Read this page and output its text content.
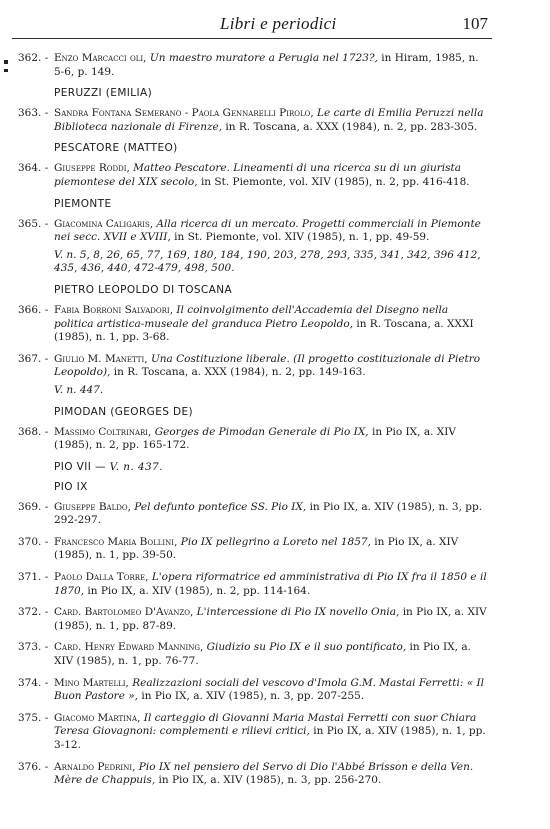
Libri e periodici	107
362. - Enzo Marcacci oli, Un maestro muratore a Perugia nel 1723?, in Hiram, 1985, n. 5-6, p. 149.
PERUZZI (EMILIA)
363. - Sandra Fontana Semerano - Paola Gennarelli Pirolo, Le carte di Emilia Peruzzi nella Biblioteca nazionale di Firenze, in R. Toscana, a. XXX (1984), n. 2, pp. 283-305.
PESCATORE (MATTEO)
364. - Giuseppe Roddi, Matteo Pescatore. Lineamenti di una ricerca su di un giurista piemontese del XIX secolo, in St. Piemonte, vol. XIV (1985), n. 2, pp. 416-418.
PIEMONTE
365. - Giacomina Caligaris, Alla ricerca di un mercato. Progetti commerciali in Piemonte nei secc. XVII e XVIII, in St. Piemonte, vol. XIV (1985), n. 1, pp. 49-59.
V. n. 5, 8, 26, 65, 77, 169, 180, 184, 190, 203, 278, 293, 335, 341, 342, 396 412, 435, 436, 440, 472-479, 498, 500.
PIETRO LEOPOLDO DI TOSCANA
366. - Fabia Borroni Salvadori, Il coinvolgimento dell'Accademia del Disegno nella politica artistica-museale del granduca Pietro Leopoldo, in R. Toscana, a. XXXI (1985), n. 1, pp. 3-68.
367. - Giulio M. Manetti, Una Costituzione liberale. (Il progetto costituzionale di Pietro Leopoldo), in R. Toscana, a. XXX (1984), n. 2, pp. 149-163.
V. n. 447.
PIMODAN (GEORGES DE)
368. - Massimo Coltrinari, Georges de Pimodan Generale di Pio IX, in Pio IX, a. XIV (1985), n. 2, pp. 165-172.
PIO VII — V. n. 437.
PIO IX
369. - Giuseppe Baldo, Pel defunto pontefice SS. Pio IX, in Pio IX, a. XIV (1985), n. 3, pp. 292-297.
370. - Francesco Maria Bollini, Pio IX pellegrino a Loreto nel 1857, in Pio IX, a. XIV (1985), n. 1, pp. 39-50.
371. - Paolo Dalla Torre, L'opera riformatrice ed amministrativa di Pio IX fra il 1850 e il 1870, in Pio IX, a. XIV (1985), n. 2, pp. 114-164.
372. - Card. Bartolomeo D'Avanzo, L'intercessione di Pio IX novello Onia, in Pio IX, a. XIV (1985), n. 1, pp. 87-89.
373. - Card. Henry Edward Manning, Giudizio su Pio IX e il suo pontificato, in Pio IX, a. XIV (1985), n. 1, pp. 76-77.
374. - Mino Martelli, Realizzazioni sociali del vescovo d'Imola G.M. Mastai Ferretti: « Il Buon Pastore », in Pio IX, a. XIV (1985), n. 3, pp. 207-255.
375. - Giacomo Martina, Il carteggio di Giovanni Maria Mastai Ferretti con suor Chiara Teresa Giovagnoni: complementi e rilievi critici, in Pio IX, a. XIV (1985), n. 1, pp. 3-12.
376. - Arnaldo Pedrini, Pio IX nel pensiero del Servo di Dio l'Abbé Brisson e della Ven. Mère de Chappuis, in Pio IX, a. XIV (1985), n. 3, pp. 256-270.
